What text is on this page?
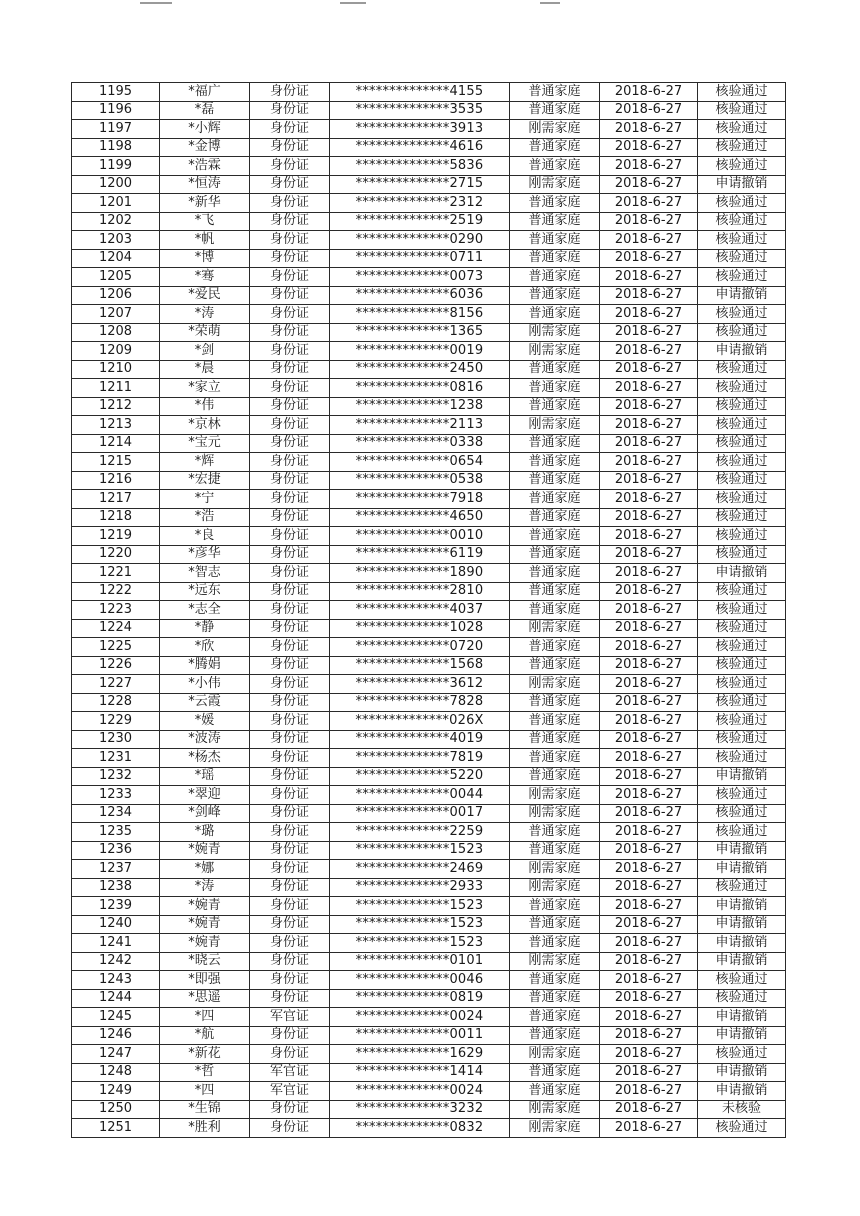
1195	*福广	身份证	**************4155	普通家庭	2018-6-27	核验通过
1196	*磊	身份证	**************3535	普通家庭	2018-6-27	核验通过
1197	*小辉	身份证	**************3913	刚需家庭	2018-6-27	核验通过
1198	*金博	身份证	**************4616	普通家庭	2018-6-27	核验通过
1199	*浩霖	身份证	**************5836	普通家庭	2018-6-27	核验通过
1200	*恒涛	身份证	**************2715	刚需家庭	2018-6-27	申请撤销
1201	*新华	身份证	**************2312	普通家庭	2018-6-27	核验通过
1202	*飞	身份证	**************2519	普通家庭	2018-6-27	核验通过
1203	*帆	身份证	**************0290	普通家庭	2018-6-27	核验通过
1204	*博	身份证	**************0711	普通家庭	2018-6-27	核验通过
1205	*骞	身份证	**************0073	普通家庭	2018-6-27	核验通过
1206	*爱民	身份证	**************6036	普通家庭	2018-6-27	申请撤销
1207	*涛	身份证	**************8156	普通家庭	2018-6-27	核验通过
1208	*荣萌	身份证	**************1365	刚需家庭	2018-6-27	核验通过
1209	*剑	身份证	**************0019	刚需家庭	2018-6-27	申请撤销
1210	*晨	身份证	**************2450	普通家庭	2018-6-27	核验通过
1211	*家立	身份证	**************0816	普通家庭	2018-6-27	核验通过
1212	*伟	身份证	**************1238	普通家庭	2018-6-27	核验通过
1213	*京林	身份证	**************2113	刚需家庭	2018-6-27	核验通过
1214	*宝元	身份证	**************0338	普通家庭	2018-6-27	核验通过
1215	*辉	身份证	**************0654	普通家庭	2018-6-27	核验通过
1216	*宏捷	身份证	**************0538	普通家庭	2018-6-27	核验通过
1217	*宁	身份证	**************7918	普通家庭	2018-6-27	核验通过
1218	*浩	身份证	**************4650	普通家庭	2018-6-27	核验通过
1219	*良	身份证	**************0010	普通家庭	2018-6-27	核验通过
1220	*彦华	身份证	**************6119	普通家庭	2018-6-27	核验通过
1221	*智志	身份证	**************1890	普通家庭	2018-6-27	申请撤销
1222	*远东	身份证	**************2810	普通家庭	2018-6-27	核验通过
1223	*志全	身份证	**************4037	普通家庭	2018-6-27	核验通过
1224	*静	身份证	**************1028	刚需家庭	2018-6-27	核验通过
1225	*欣	身份证	**************0720	普通家庭	2018-6-27	核验通过
1226	*腾娟	身份证	**************1568	普通家庭	2018-6-27	核验通过
1227	*小伟	身份证	**************3612	刚需家庭	2018-6-27	核验通过
1228	*云霞	身份证	**************7828	普通家庭	2018-6-27	核验通过
1229	*媛	身份证	**************026X	普通家庭	2018-6-27	核验通过
1230	*波涛	身份证	**************4019	普通家庭	2018-6-27	核验通过
1231	*杨杰	身份证	**************7819	普通家庭	2018-6-27	核验通过
1232	*瑶	身份证	**************5220	普通家庭	2018-6-27	申请撤销
1233	*翠迎	身份证	**************0044	刚需家庭	2018-6-27	核验通过
1234	*剑峰	身份证	**************0017	刚需家庭	2018-6-27	核验通过
1235	*璐	身份证	**************2259	普通家庭	2018-6-27	核验通过
1236	*婉青	身份证	**************1523	普通家庭	2018-6-27	申请撤销
1237	*娜	身份证	**************2469	刚需家庭	2018-6-27	申请撤销
1238	*涛	身份证	**************2933	刚需家庭	2018-6-27	核验通过
1239	*婉青	身份证	**************1523	普通家庭	2018-6-27	申请撤销
1240	*婉青	身份证	**************1523	普通家庭	2018-6-27	申请撤销
1241	*婉青	身份证	**************1523	普通家庭	2018-6-27	申请撤销
1242	*晓云	身份证	**************0101	刚需家庭	2018-6-27	申请撤销
1243	*即强	身份证	**************0046	普通家庭	2018-6-27	核验通过
1244	*思遥	身份证	**************0819	普通家庭	2018-6-27	核验通过
1245	*四	军官证	**************0024	普通家庭	2018-6-27	申请撤销
1246	*航	身份证	**************0011	普通家庭	2018-6-27	申请撤销
1247	*新花	身份证	**************1629	刚需家庭	2018-6-27	核验通过
1248	*哲	军官证	**************1414	普通家庭	2018-6-27	申请撤销
1249	*四	军官证	**************0024	普通家庭	2018-6-27	申请撤销
1250	*生锦	身份证	**************3232	刚需家庭	2018-6-27	未核验
1251	*胜利	身份证	**************0832	刚需家庭	2018-6-27	核验通过
